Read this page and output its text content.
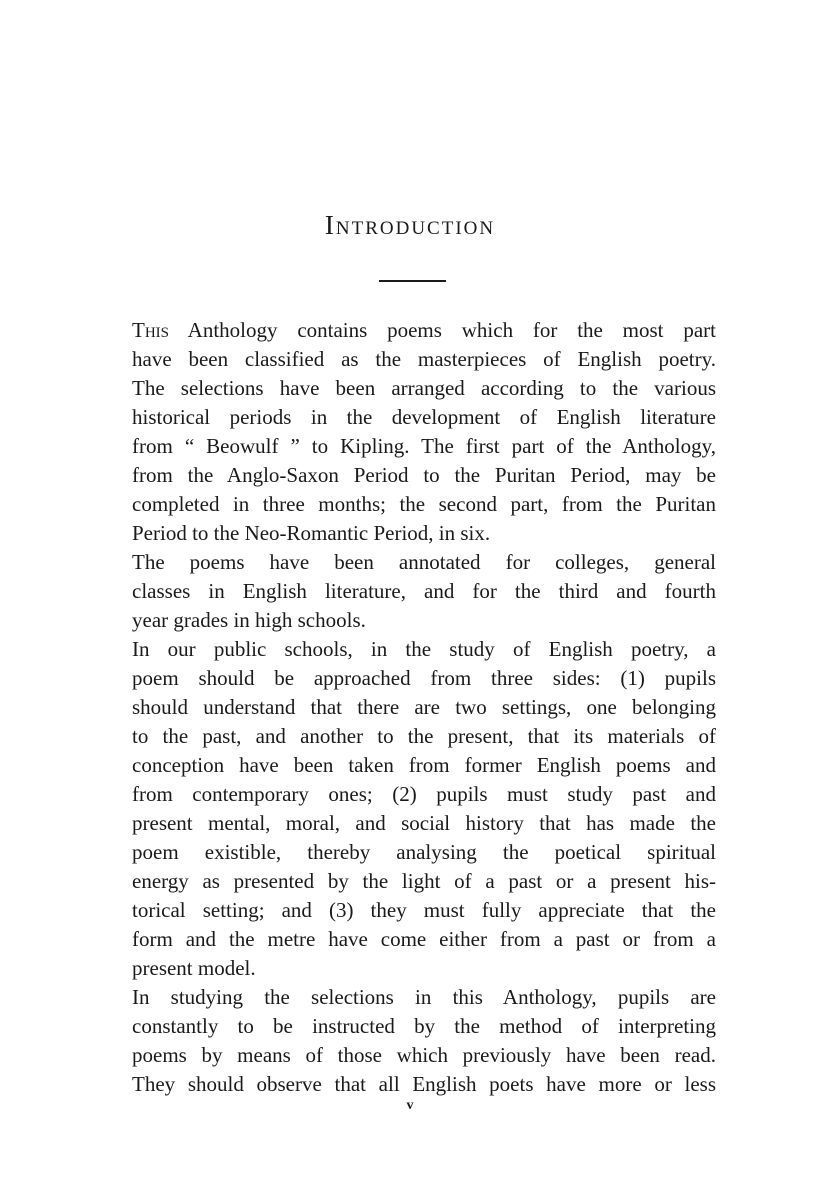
Introduction

This Anthology contains poems which for the most part
have been classified as the masterpieces of English poetry.
The selections have been arranged according to the various
historical periods in the development of English literature
from “ Beowulf ” to Kipling. The first part of the Anthology,
from the Anglo-Saxon Period to the Puritan Period, may be
completed in three months; the second part, from the Puritan
Period to the Neo-Romantic Period, in six.

The poems have been annotated for colleges, general
classes in English literature, and for the third and fourth
year grades in high schools.

In our public schools, in the study of English poetry, a
poem should be approached from three sides: (1) pupils
should understand that there are two settings, one belonging
to the past, and another to the present, that its materials of
conception have been taken from former English poems and
from contemporary ones; (2) pupils must study past and
present mental, moral, and social history that has made the
poem existible, thereby analysing the poetical spiritual
energy as presented by the light of a past or a present his-
torical setting; and (3) they must fully appreciate that the
form and the metre have come either from a past or from a
present model.

In studying the selections in this Anthology, pupils are
constantly to be instructed by the method of interpreting
poems by means of those which previously have been read.
They should observe that all English poets have more or less

v
